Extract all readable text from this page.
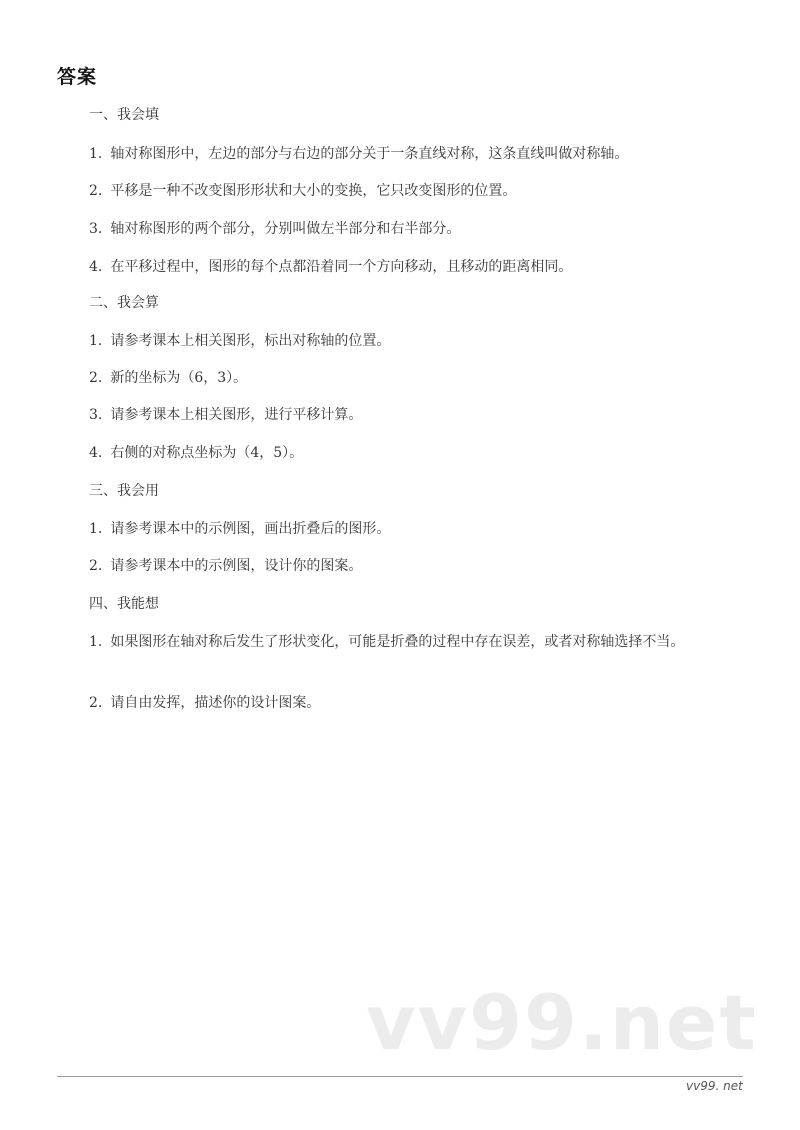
答案
一、我会填
1. 轴对称图形中，左边的部分与右边的部分关于一条直线对称，这条直线叫做对称轴。
2. 平移是一种不改变图形形状和大小的变换，它只改变图形的位置。
3. 轴对称图形的两个部分，分别叫做左半部分和右半部分。
4. 在平移过程中，图形的每个点都沿着同一个方向移动，且移动的距离相同。
二、我会算
1. 请参考课本上相关图形，标出对称轴的位置。
2. 新的坐标为（6，3）。
3. 请参考课本上相关图形，进行平移计算。
4. 右侧的对称点坐标为（4，5）。
三、我会用
1. 请参考课本中的示例图，画出折叠后的图形。
2. 请参考课本中的示例图，设计你的图案。
四、我能想
1. 如果图形在轴对称后发生了形状变化，可能是折叠的过程中存在误差，或者对称轴选择不当。
2. 请自由发挥，描述你的设计图案。
vv99.net
vv99. net
